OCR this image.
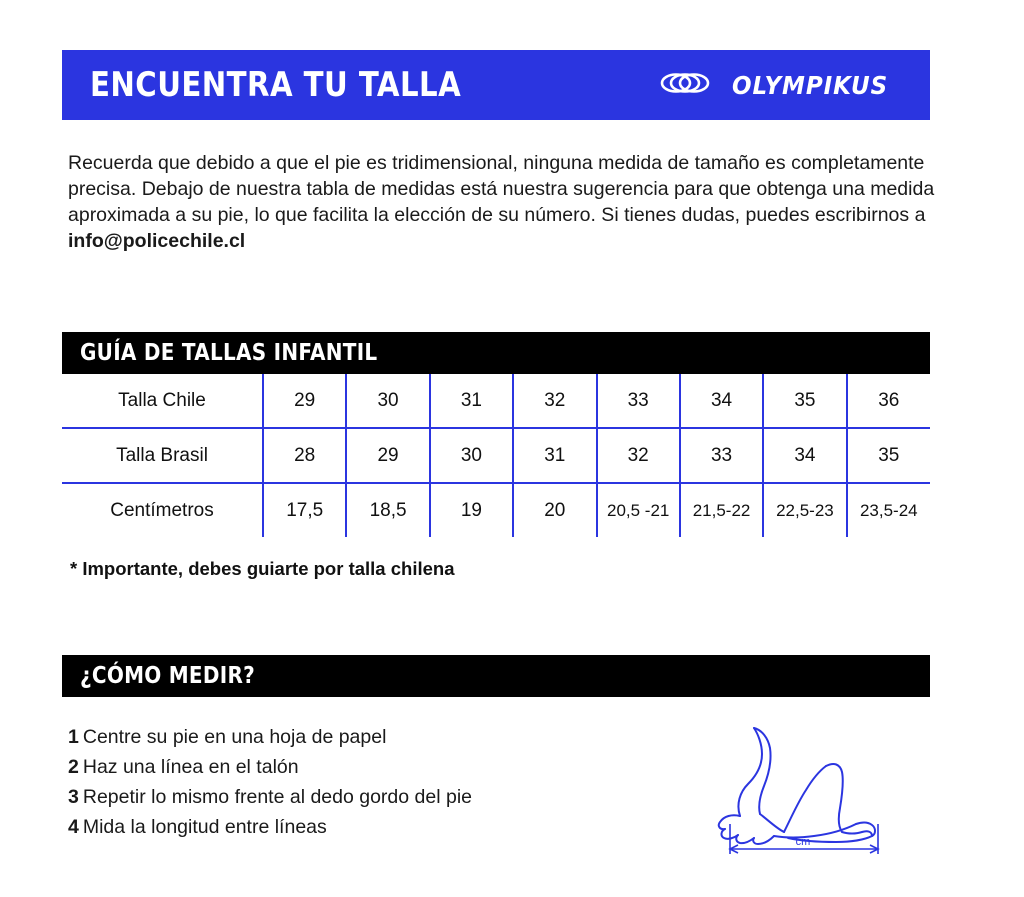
ENCUENTRA TU TALLA	OLYMPIKUS
Recuerda que debido a que el pie es tridimensional, ninguna medida de tamaño es completamente precisa. Debajo de nuestra tabla de medidas está nuestra sugerencia para que obtenga una medida aproximada a su pie, lo que facilita la elección de su número. Si tienes dudas, puedes escribirnos a info@policechile.cl
GUÍA DE TALLAS INFANTIL
Talla Chile	29	30	31	32	33	34	35	36
Talla Brasil	28	29	30	31	32	33	34	35
Centímetros	17,5	18,5	19	20	20,5 -21	21,5-22	22,5-23	23,5-24
* Importante, debes guiarte por talla chilena
¿CÓMO MEDIR?
1 Centre su pie en una hoja de papel
2 Haz una línea en el talón
3 Repetir lo mismo frente al dedo gordo del pie
4 Mida la longitud entre líneas
cm
